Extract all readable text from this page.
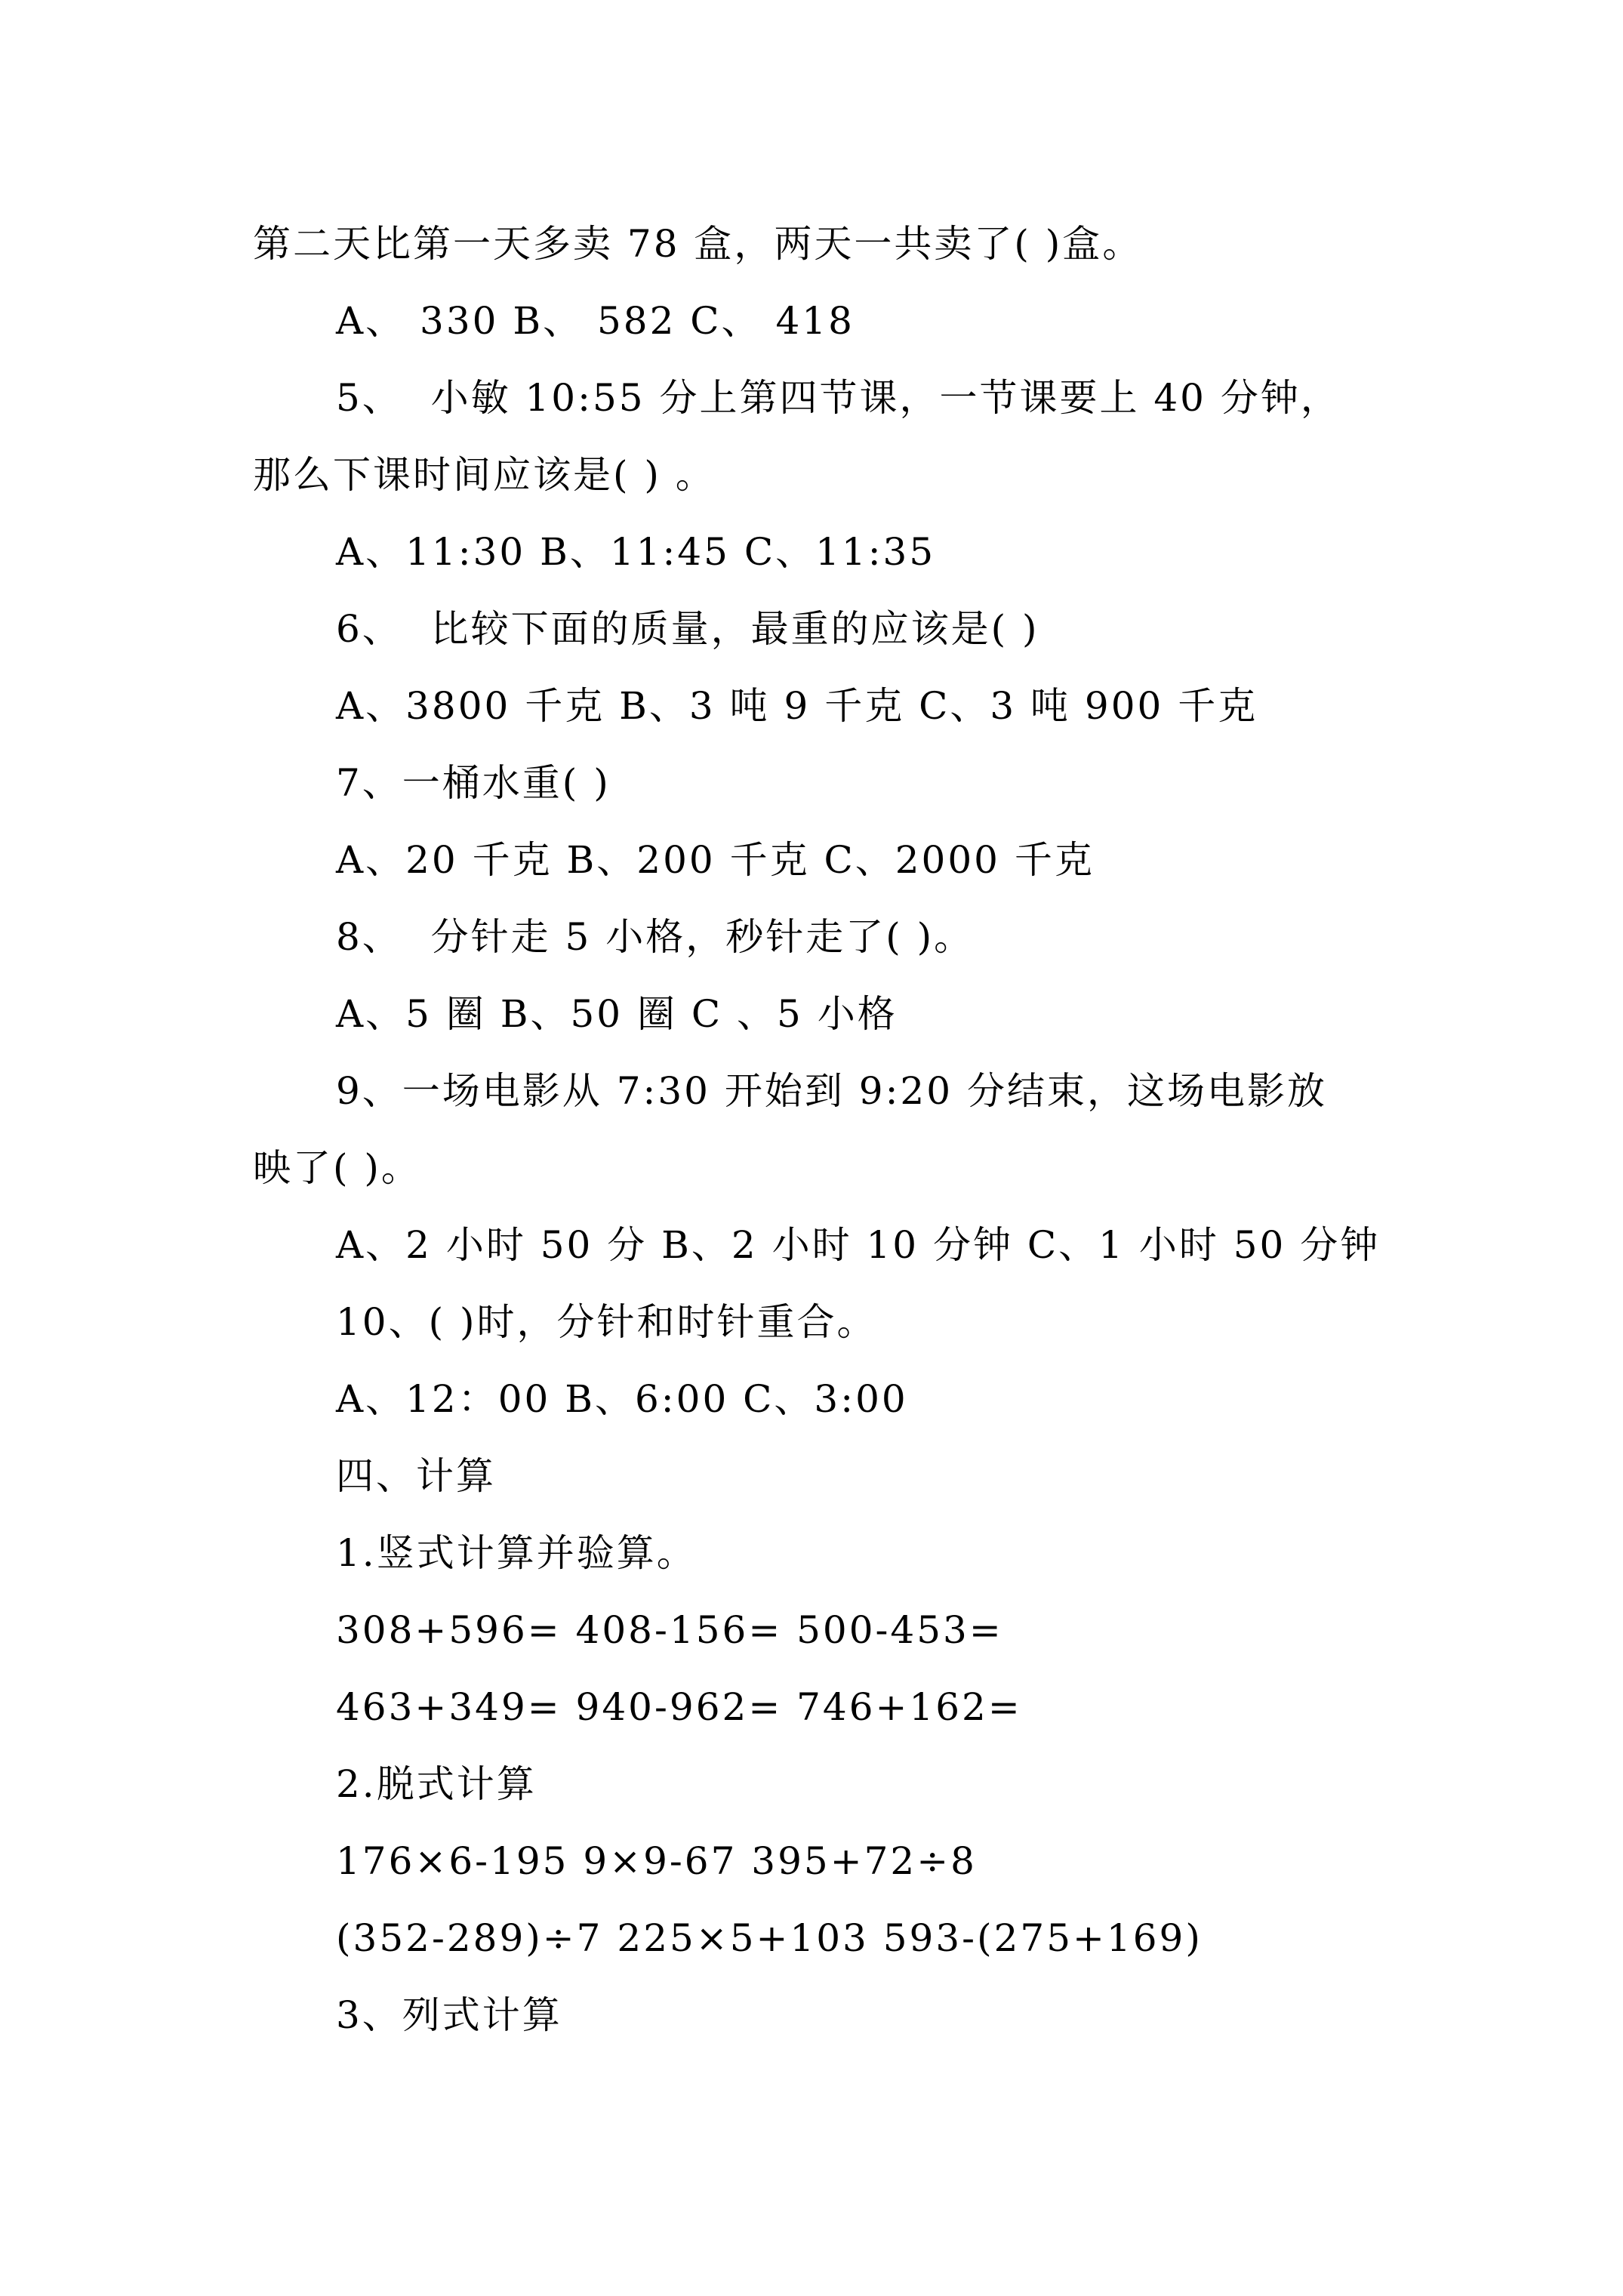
第二天比第一天多卖 78 盒，两天一共卖了( )盒。
A、 330 B、 582 C、 418
5、  小敏 10:55 分上第四节课，一节课要上 40 分钟，
那么下课时间应该是( ) 。
A、11:30 B、11:45 C、11:35
6、  比较下面的质量，最重的应该是( )
A、3800 千克 B、3 吨 9 千克 C、3 吨 900 千克
7、一桶水重( )
A、20 千克 B、200 千克 C、2000 千克
8、  分针走 5 小格，秒针走了( )。
A、5 圈 B、50 圈 C 、5 小格
9、一场电影从 7:30 开始到 9:20 分结束，这场电影放
映了( )。
A、2 小时 50 分 B、2 小时 10 分钟 C、1 小时 50 分钟
10、( )时，分针和时针重合。
A、12：00 B、6:00 C、3:00
四、计算
1.竖式计算并验算。
308+596= 408-156= 500-453=
463+349= 940-962= 746+162=
2.脱式计算
176×6-195 9×9-67 395+72÷8
(352-289)÷7 225×5+103 593-(275+169)
3、列式计算
